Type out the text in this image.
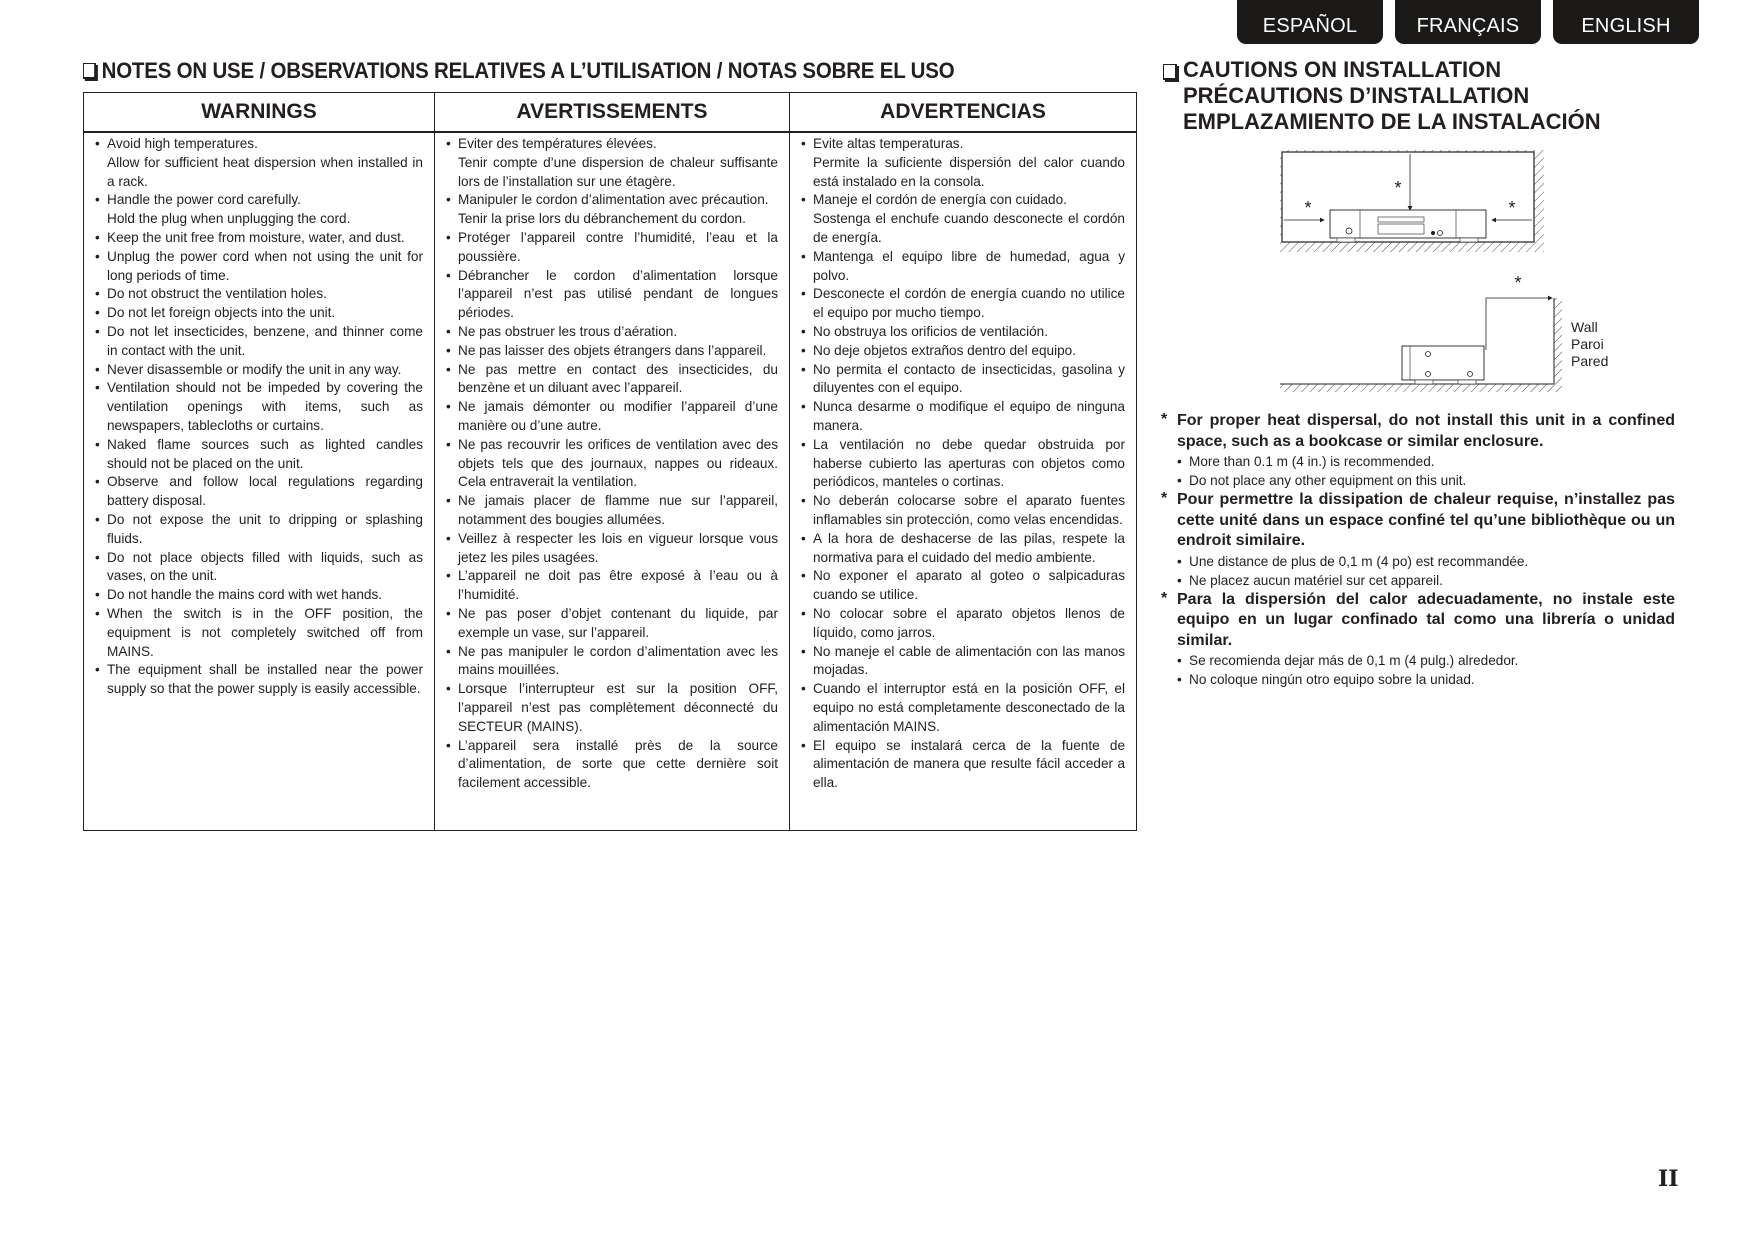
ESPAÑOL	FRANÇAIS	ENGLISH
NOTES ON USE / OBSERVATIONS RELATIVES A L’UTILISATION / NOTAS SOBRE EL USO
WARNINGS
• Avoid high temperatures.
Allow for sufficient heat dispersion when installed in a rack.
• Handle the power cord carefully.
Hold the plug when unplugging the cord.
• Keep the unit free from moisture, water, and dust.
• Unplug the power cord when not using the unit for long periods of time.
• Do not obstruct the ventilation holes.
• Do not let foreign objects into the unit.
• Do not let insecticides, benzene, and thinner come in contact with the unit.
• Never disassemble or modify the unit in any way.
• Ventilation should not be impeded by covering the ventilation openings with items, such as newspapers, tablecloths or curtains.
• Naked flame sources such as lighted candles should not be placed on the unit.
• Observe and follow local regulations regarding battery disposal.
• Do not expose the unit to dripping or splashing fluids.
• Do not place objects filled with liquids, such as vases, on the unit.
• Do not handle the mains cord with wet hands.
• When the switch is in the OFF position, the equipment is not completely switched off from MAINS.
• The equipment shall be installed near the power supply so that the power supply is easily accessible.
AVERTISSEMENTS
• Eviter des températures élevées.
Tenir compte d’une dispersion de chaleur suffisante lors de l’installation sur une étagère.
• Manipuler le cordon d’alimentation avec précaution.
Tenir la prise lors du débranchement du cordon.
• Protéger l’appareil contre l’humidité, l’eau et la poussière.
• Débrancher le cordon d’alimentation lorsque l’appareil n’est pas utilisé pendant de longues périodes.
• Ne pas obstruer les trous d’aération.
• Ne pas laisser des objets étrangers dans l’appareil.
• Ne pas mettre en contact des insecticides, du benzène et un diluant avec l’appareil.
• Ne jamais démonter ou modifier l’appareil d’une manière ou d’une autre.
• Ne pas recouvrir les orifices de ventilation avec des objets tels que des journaux, nappes ou rideaux. Cela entraverait la ventilation.
• Ne jamais placer de flamme nue sur l’appareil, notamment des bougies allumées.
• Veillez à respecter les lois en vigueur lorsque vous jetez les piles usagées.
• L’appareil ne doit pas être exposé à l’eau ou à l’humidité.
• Ne pas poser d’objet contenant du liquide, par exemple un vase, sur l’appareil.
• Ne pas manipuler le cordon d’alimentation avec les mains mouillées.
• Lorsque l’interrupteur est sur la position OFF, l’appareil n’est pas complètement déconnecté du SECTEUR (MAINS).
• L’appareil sera installé près de la source d’alimentation, de sorte que cette dernière soit facilement accessible.
ADVERTENCIAS
• Evite altas temperaturas.
Permite la suficiente dispersión del calor cuando está instalado en la consola.
• Maneje el cordón de energía con cuidado.
Sostenga el enchufe cuando desconecte el cordón de energía.
• Mantenga el equipo libre de humedad, agua y polvo.
• Desconecte el cordón de energía cuando no utilice el equipo por mucho tiempo.
• No obstruya los orificios de ventilación.
• No deje objetos extraños dentro del equipo.
• No permita el contacto de insecticidas, gasolina y diluyentes con el equipo.
• Nunca desarme o modifique el equipo de ninguna manera.
• La ventilación no debe quedar obstruida por haberse cubierto las aperturas con objetos como periódicos, manteles o cortinas.
• No deberán colocarse sobre el aparato fuentes inflamables sin protección, como velas encendidas.
• A la hora de deshacerse de las pilas, respete la normativa para el cuidado del medio ambiente.
• No exponer el aparato al goteo o salpicaduras cuando se utilice.
• No colocar sobre el aparato objetos llenos de líquido, como jarros.
• No maneje el cable de alimentación con las manos mojadas.
• Cuando el interruptor está en la posición OFF, el equipo no está completamente desconectado de la alimentación MAINS.
• El equipo se instalará cerca de la fuente de alimentación de manera que resulte fácil acceder a ella.
CAUTIONS ON INSTALLATION
PRÉCAUTIONS D’INSTALLATION
EMPLAZAMIENTO DE LA INSTALACIÓN
*
*
*
*
Wall
Paroi
Pared
* For proper heat dispersal, do not install this unit in a confined space, such as a bookcase or similar enclosure.
• More than 0.1 m (4 in.) is recommended.
• Do not place any other equipment on this unit.
* Pour permettre la dissipation de chaleur requise, n’installez pas cette unité dans un espace confiné tel qu’une bibliothèque ou un endroit similaire.
• Une distance de plus de 0,1 m (4 po) est recommandée.
• Ne placez aucun matériel sur cet appareil.
* Para la dispersión del calor adecuadamente, no instale este equipo en un lugar confinado tal como una librería o unidad similar.
• Se recomienda dejar más de 0,1 m (4 pulg.) alrededor.
• No coloque ningún otro equipo sobre la unidad.
II
